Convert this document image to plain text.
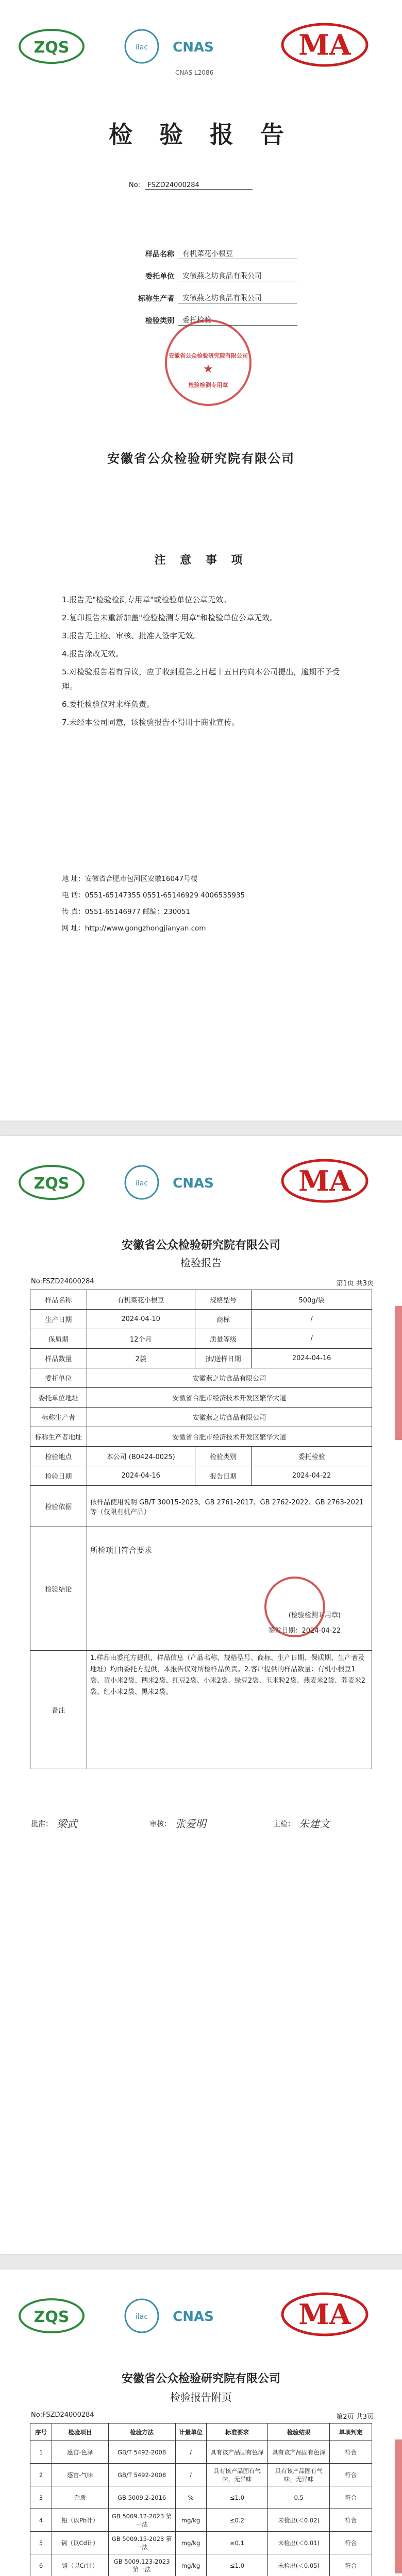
ZQS	ilac CNAS
CNAS L2086
MA
检 验 报 告
No: FSZD24000284
样品名称	有机菜花小根豆
委托单位	安徽燕之坊食品有限公司
标称生产者	安徽燕之坊食品有限公司
检验类别	委托检验
安徽省公众检验研究院有限公司
★
检验检测专用章
安徽省公众检验研究院有限公司
注 意 事 项
1.报告无"检验检测专用章"或检验单位公章无效。
2.复印报告未重新加盖"检验检测专用章"和检验单位公章无效。
3.报告无主检、审核、批准人签字无效。
4.报告涂改无效。
5.对检验报告若有异议，应于收到报告之日起十五日内向本公司提出，逾期不予受理。
6.委托检验仅对来样负责。
7.未经本公司同意，该检验报告不得用于商业宣传。
地 址：安徽省合肥市包河区安徽16047号楼
电 话：0551-65147355 0551-65146929 4006535935
传 真：0551-65146977 邮编：230051
网 址：http://www.gongzhongjianyan.com
ZQS	ilac CNAS	MA
安徽省公众检验研究院有限公司
检验报告
No:FSZD24000284	第1页 共3页
样品名称	有机菜花小根豆	规格型号	500g/袋
生产日期	2024-04-10	商标	/
保质期	12个月	质量等级	/
样品数量	2袋	抽/送样日期	2024-04-16
委托单位	安徽燕之坊食品有限公司		
委托单位地址	安徽省合肥市经济技术开发区繁华大道		
标称生产者	安徽燕之坊食品有限公司		
标称生产者地址	安徽省合肥市经济技术开发区繁华大道		
检验地点	本公司 (B0424-0025)	检验类别	委托检验
检验日期	2024-04-16	报告日期	2024-04-22
检验依据	依样品使用说明 GB/T 30015-2023、GB 2761-2017、GB 2762-2022、GB 2763-2021等（仅限有机产品）		
检验结论	所检项目符合要求
(检验检测专用章)
签发日期：2024-04-22		

备注	1.样品由委托方提供，样品信息（产品名称、规格型号、商标、生产日期、保质期、生产者及地址）均由委托方提供，本报告仅对所检样品负责。2.客户提供的样品数量：有机小根豆1袋、黄小米2袋、糯米2袋、红豆2袋、小米2袋、绿豆2袋、玉米粒2袋、燕麦米2袋、荞麦米2袋、红小米2袋、黑米2袋。		
批准： 梁武	审核： 张爱明	主检： 朱建文
ZQS	ilac CNAS	MA
安徽省公众检验研究院有限公司
检验报告附页
No:FSZD24000284	第2页 共3页
序号	检验项目	检验方法	计量单位	标准要求	检验结果	单项判定
1	感官-色泽	GB/T 5492-2008	/	具有该产品固有色泽	具有该产品固有色泽	符合
2	感官-气味	GB/T 5492-2008	/	具有该产品固有气味，无异味	具有该产品固有气味，无异味	符合
3	杂质	GB 5009.2-2016	%	≤1.0	0.5	符合
4	铅（以Pb计）	GB 5009.12-2023 第一法	mg/kg	≤0.2	未检出(＜0.02)	符合
5	镉（以Cd计）	GB 5009.15-2023 第一法	mg/kg	≤0.1	未检出(＜0.01)	符合
6	铬（以Cr计）	GB 5009.123-2023 第一法	mg/kg	≤1.0	未检出(＜0.05)	符合
